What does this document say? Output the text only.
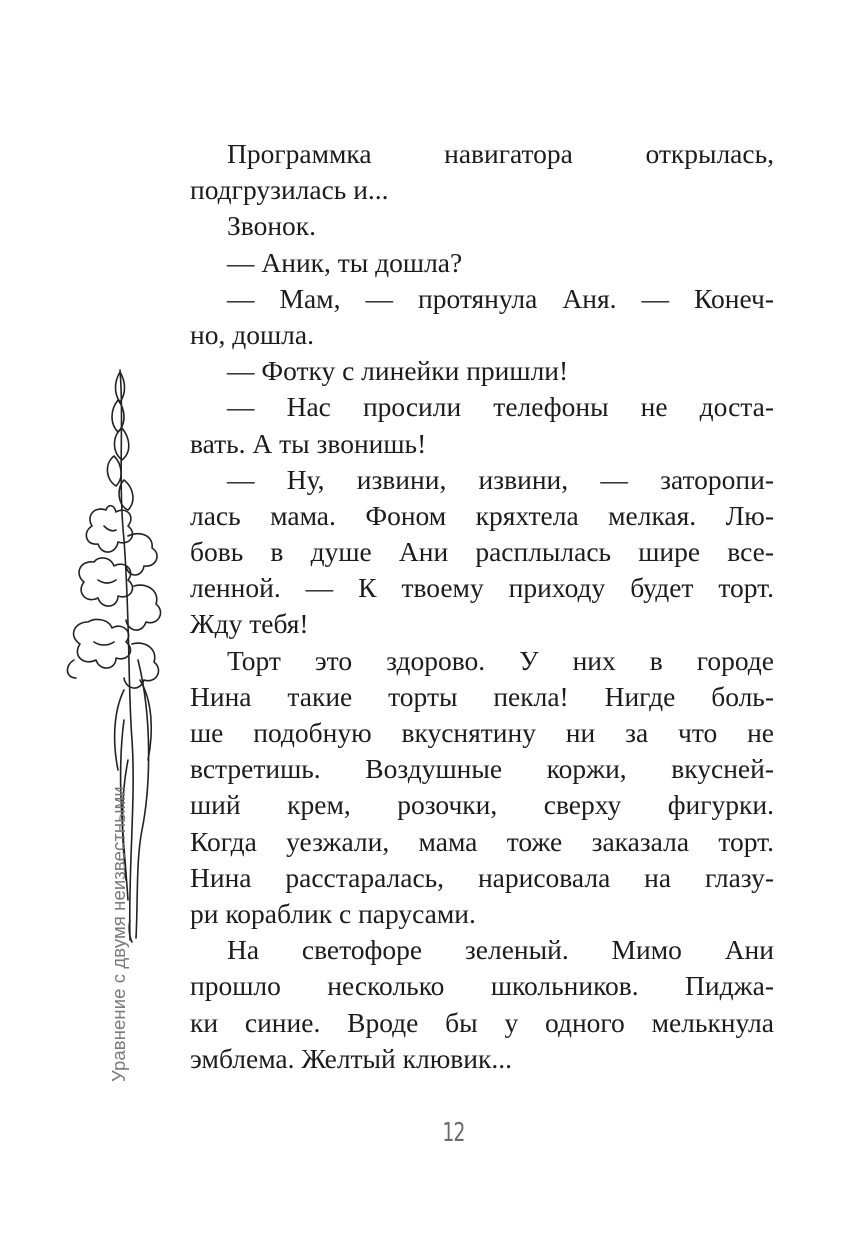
Программка навигатора открылась,
подгрузилась и...
Звонок.
— Аник, ты дошла?
— Мам, — протянула Аня. — Конеч-
но, дошла.
— Фотку с линейки пришли!
— Нас просили телефоны не доста-
вать. А ты звонишь!
— Ну, извини, извини, — заторопи-
лась мама. Фоном кряхтела мелкая. Лю-
бовь в душе Ани расплылась шире все-
ленной. — К твоему приходу будет торт.
Жду тебя!
Торт это здорово. У них в городе
Нина такие торты пекла! Нигде боль-
ше подобную вкуснятину ни за что не
встретишь. Воздушные коржи, вкусней-
ший крем, розочки, сверху фигурки.
Когда уезжали, мама тоже заказала торт.
Нина расстаралась, нарисовала на глазу-
ри кораблик с парусами.
На светофоре зеленый. Мимо Ани
прошло несколько школьников. Пиджа-
ки синие. Вроде бы у одного мелькнула
эмблема. Желтый клювик...
Уравнение с двумя неизвестными
12
